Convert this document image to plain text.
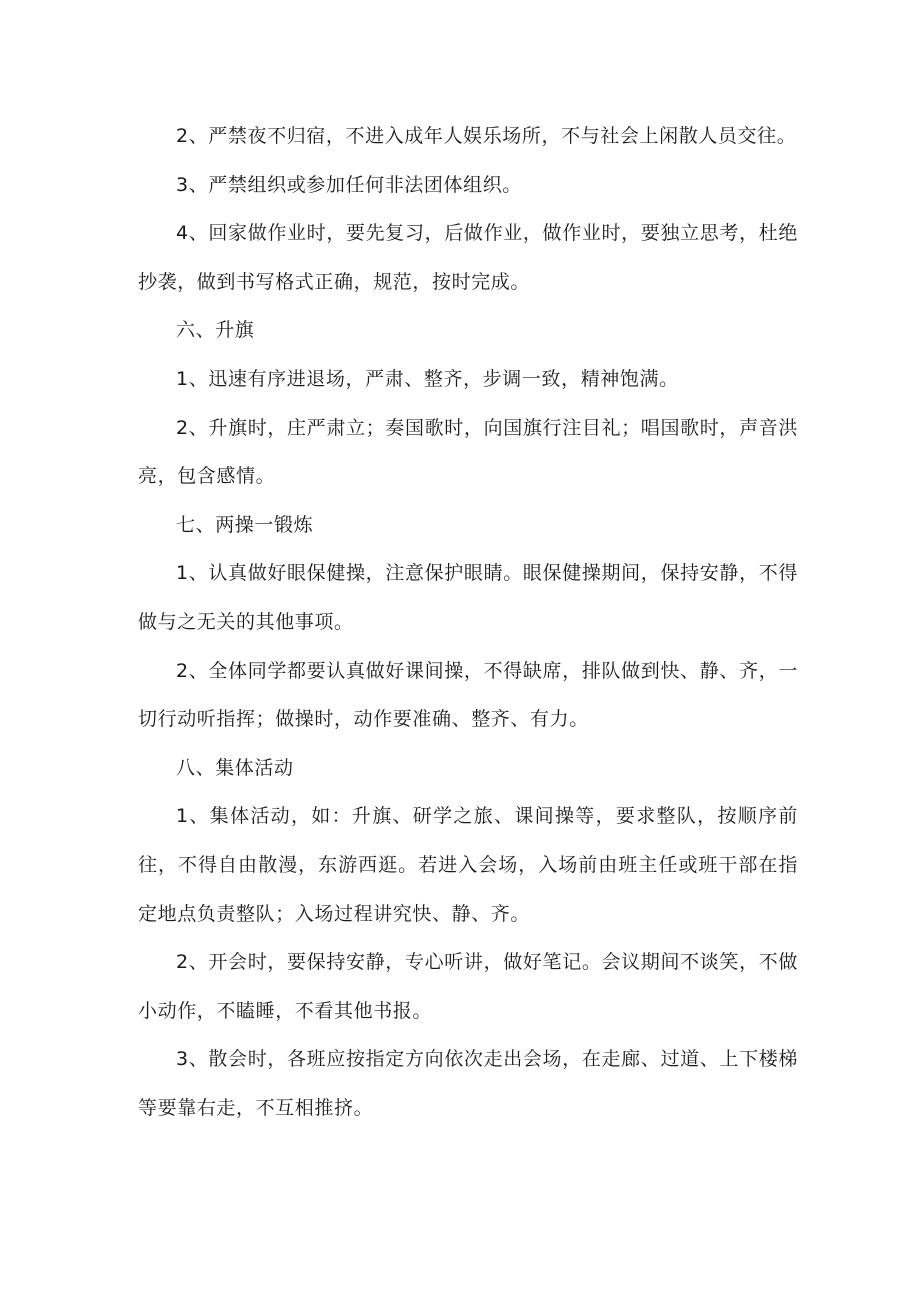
2、严禁夜不归宿，不进入成年人娱乐场所，不与社会上闲散人员交往。

3、严禁组织或参加任何非法团体组织。

4、回家做作业时，要先复习，后做作业，做作业时，要独立思考，杜绝抄袭，做到书写格式正确，规范，按时完成。

六、升旗

1、迅速有序进退场，严肃、整齐，步调一致，精神饱满。

2、升旗时，庄严肃立；奏国歌时，向国旗行注目礼；唱国歌时，声音洪亮，包含感情。

七、两操一锻炼

1、认真做好眼保健操，注意保护眼睛。眼保健操期间，保持安静，不得做与之无关的其他事项。

2、全体同学都要认真做好课间操，不得缺席，排队做到快、静、齐，一切行动听指挥；做操时，动作要准确、整齐、有力。

八、集体活动

1、集体活动，如：升旗、研学之旅、课间操等，要求整队，按顺序前往，不得自由散漫，东游西逛。若进入会场，入场前由班主任或班干部在指定地点负责整队；入场过程讲究快、静、齐。

2、开会时，要保持安静，专心听讲，做好笔记。会议期间不谈笑，不做小动作，不瞌睡，不看其他书报。

3、散会时，各班应按指定方向依次走出会场，在走廊、过道、上下楼梯等要靠右走，不互相推挤。
